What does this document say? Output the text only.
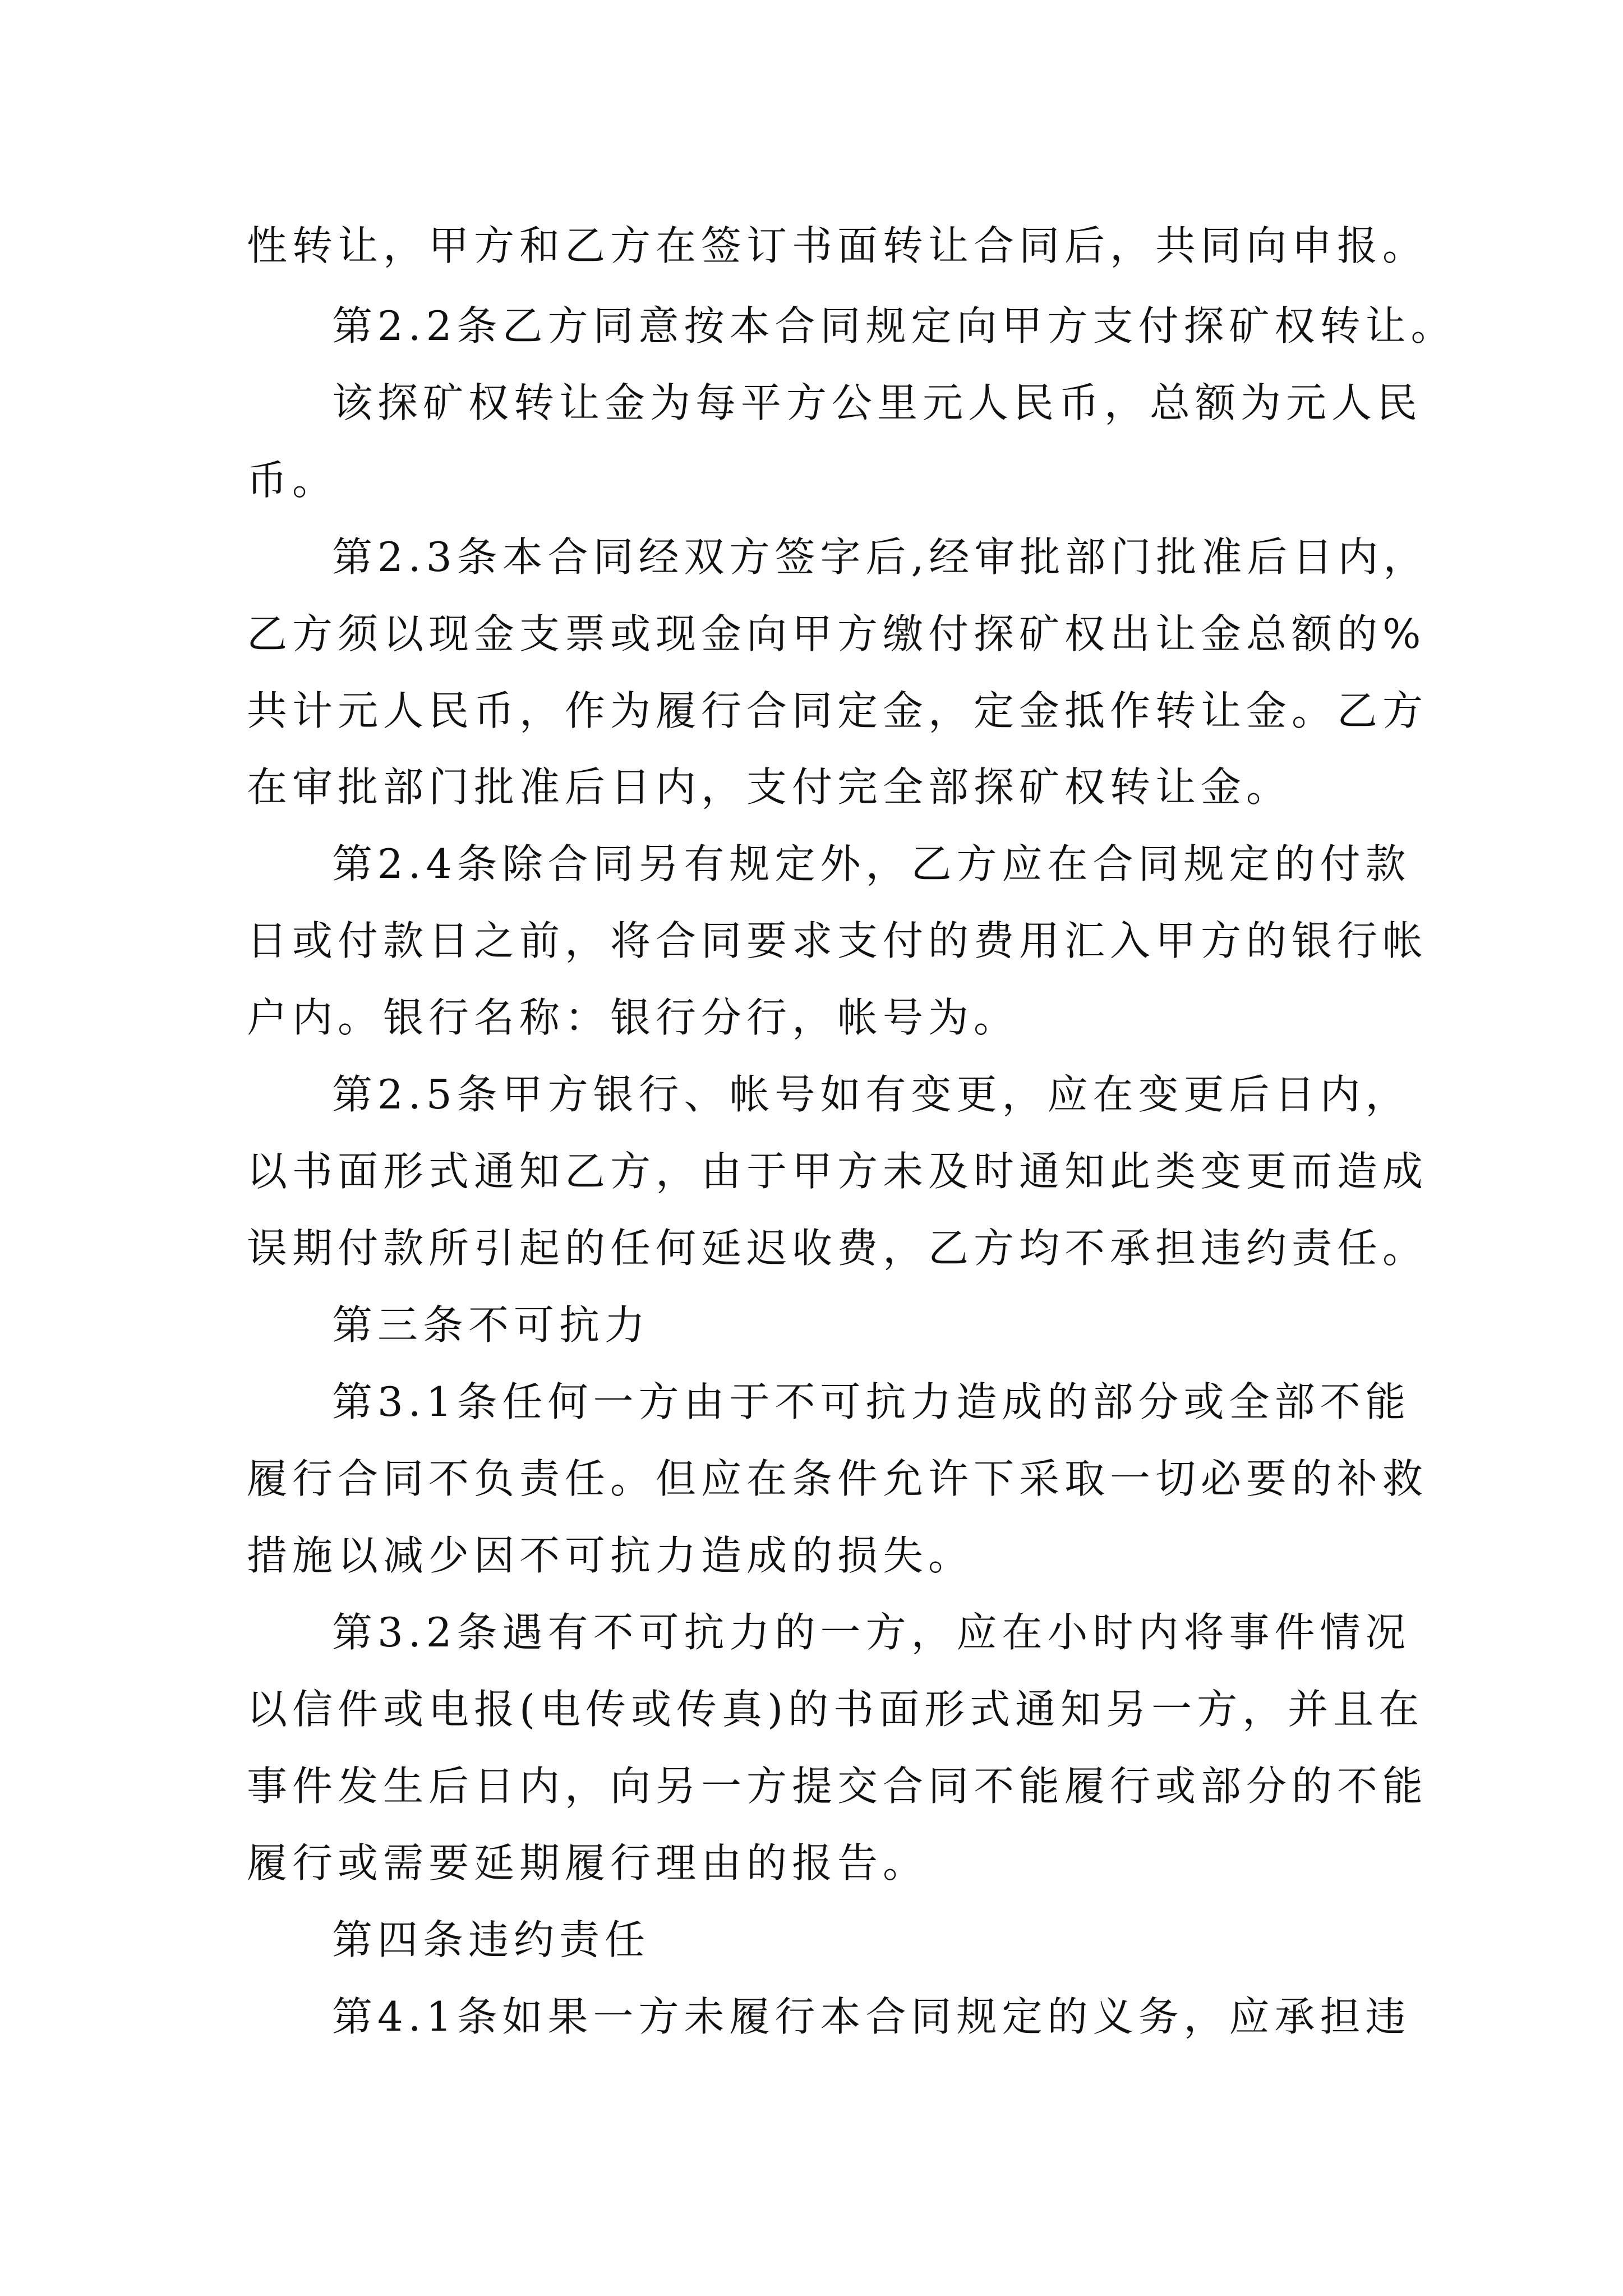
性转让，甲方和乙方在签订书面转让合同后，共同向申报。
第2.2条乙方同意按本合同规定向甲方支付探矿权转让。
该探矿权转让金为每平方公里元人民币，总额为元人民
币。
第2.3条本合同经双方签字后,经审批部门批准后日内，
乙方须以现金支票或现金向甲方缴付探矿权出让金总额的%
共计元人民币，作为履行合同定金，定金抵作转让金。乙方
在审批部门批准后日内，支付完全部探矿权转让金。
第2.4条除合同另有规定外，乙方应在合同规定的付款
日或付款日之前，将合同要求支付的费用汇入甲方的银行帐
户内。银行名称：银行分行，帐号为。
第2.5条甲方银行、帐号如有变更，应在变更后日内，
以书面形式通知乙方，由于甲方未及时通知此类变更而造成
误期付款所引起的任何延迟收费，乙方均不承担违约责任。
第三条不可抗力
第3.1条任何一方由于不可抗力造成的部分或全部不能
履行合同不负责任。但应在条件允许下采取一切必要的补救
措施以减少因不可抗力造成的损失。
第3.2条遇有不可抗力的一方，应在小时内将事件情况
以信件或电报(电传或传真)的书面形式通知另一方，并且在
事件发生后日内，向另一方提交合同不能履行或部分的不能
履行或需要延期履行理由的报告。
第四条违约责任
第4.1条如果一方未履行本合同规定的义务，应承担违
